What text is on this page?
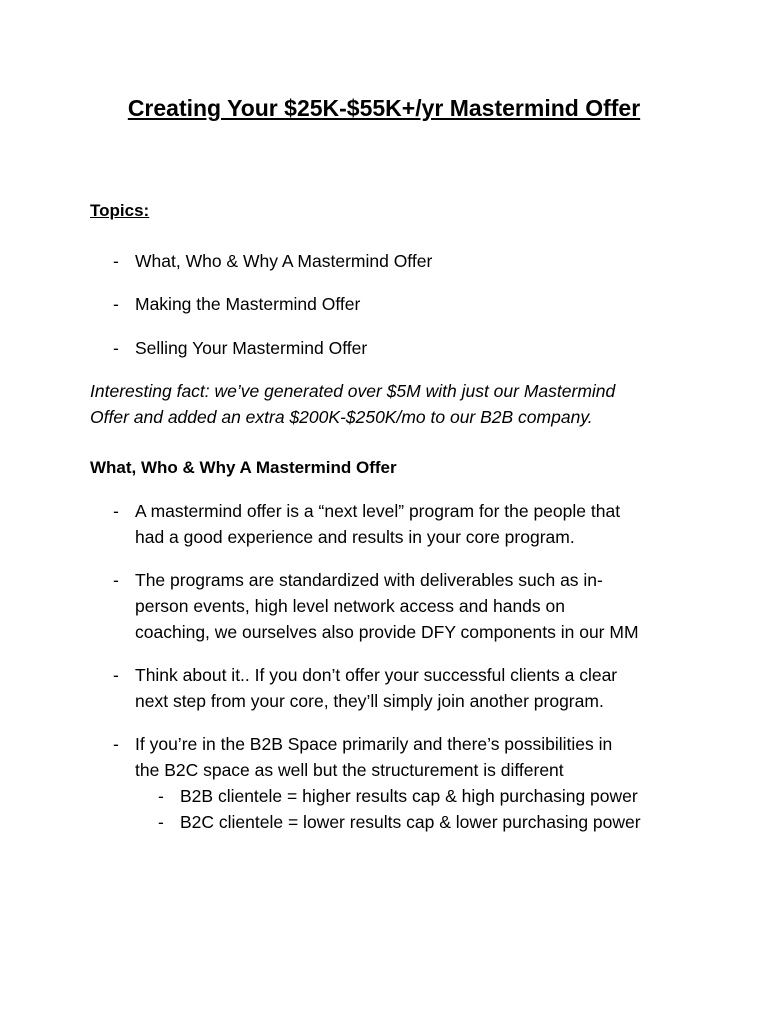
Creating Your $25K-$55K+/yr Mastermind Offer
Topics:
- What, Who & Why A Mastermind Offer
- Making the Mastermind Offer
- Selling Your Mastermind Offer
Interesting fact: we’ve generated over $5M with just our Mastermind
Offer and added an extra $200K-$250K/mo to our B2B company.
What, Who & Why A Mastermind Offer
- A mastermind offer is a “next level” program for the people that
had a good experience and results in your core program.
- The programs are standardized with deliverables such as in-
person events, high level network access and hands on
coaching, we ourselves also provide DFY components in our MM
- Think about it.. If you don’t offer your successful clients a clear
next step from your core, they’ll simply join another program.
- If you’re in the B2B Space primarily and there’s possibilities in
the B2C space as well but the structurement is different
- B2B clientele = higher results cap & high purchasing power
- B2C clientele = lower results cap & lower purchasing power
